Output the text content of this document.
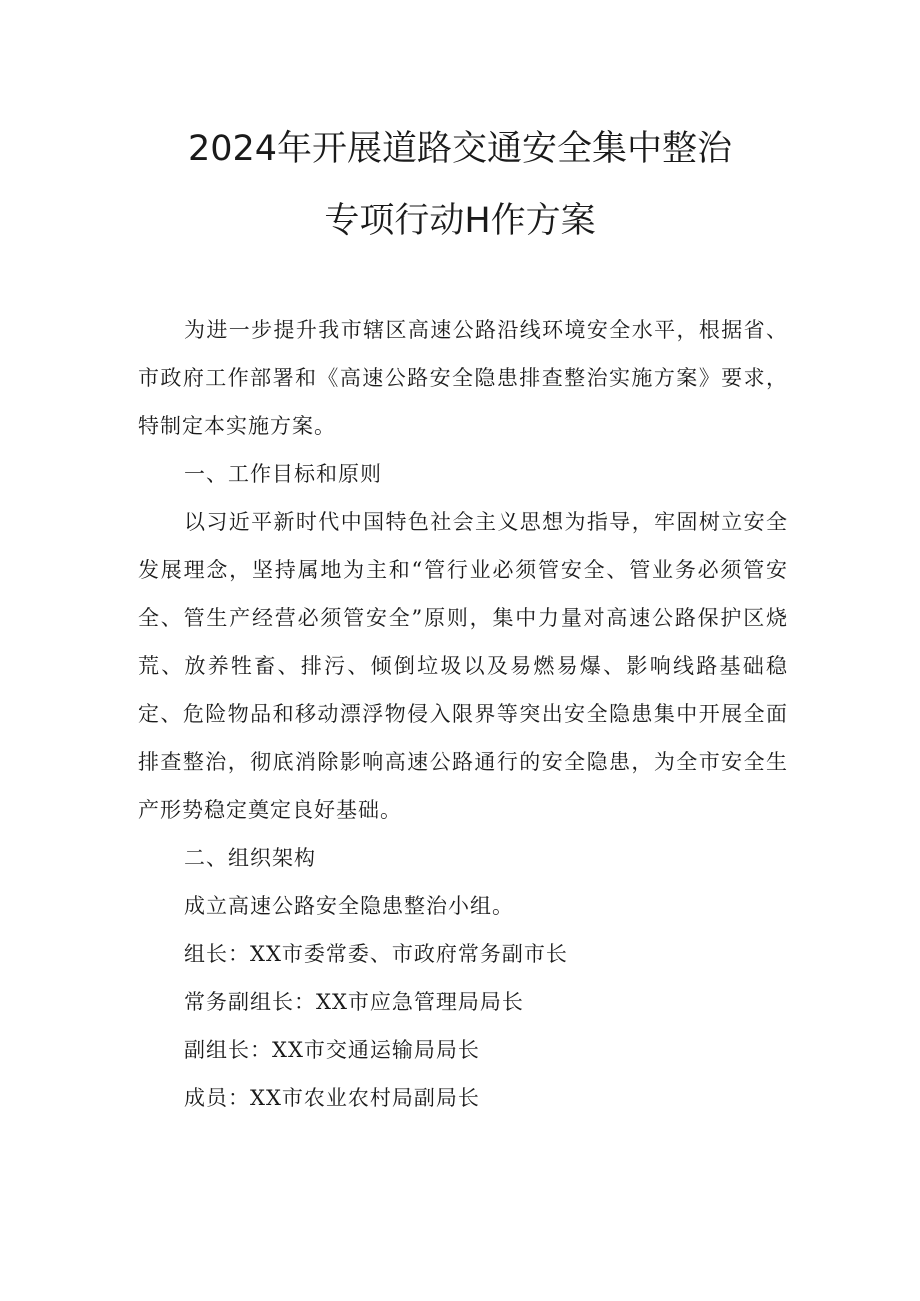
2024年开展道路交通安全集中整治
专项行动H作方案

为进一步提升我市辖区高速公路沿线环境安全水平，根据省、市政府工作部署和《高速公路安全隐患排查整治实施方案》要求，特制定本实施方案。

一、工作目标和原则

以习近平新时代中国特色社会主义思想为指导，牢固树立安全发展理念，坚持属地为主和“管行业必须管安全、管业务必须管安全、管生产经营必须管安全”原则，集中力量对高速公路保护区烧荒、放养牲畜、排污、倾倒垃圾以及易燃易爆、影响线路基础稳定、危险物品和移动漂浮物侵入限界等突出安全隐患集中开展全面排查整治，彻底消除影响高速公路通行的安全隐患，为全市安全生产形势稳定奠定良好基础。

二、组织架构
成立高速公路安全隐患整治小组。
组长：XX市委常委、市政府常务副市长
常务副组长：XX市应急管理局局长
副组长：XX市交通运输局局长
成员：XX市农业农村局副局长
